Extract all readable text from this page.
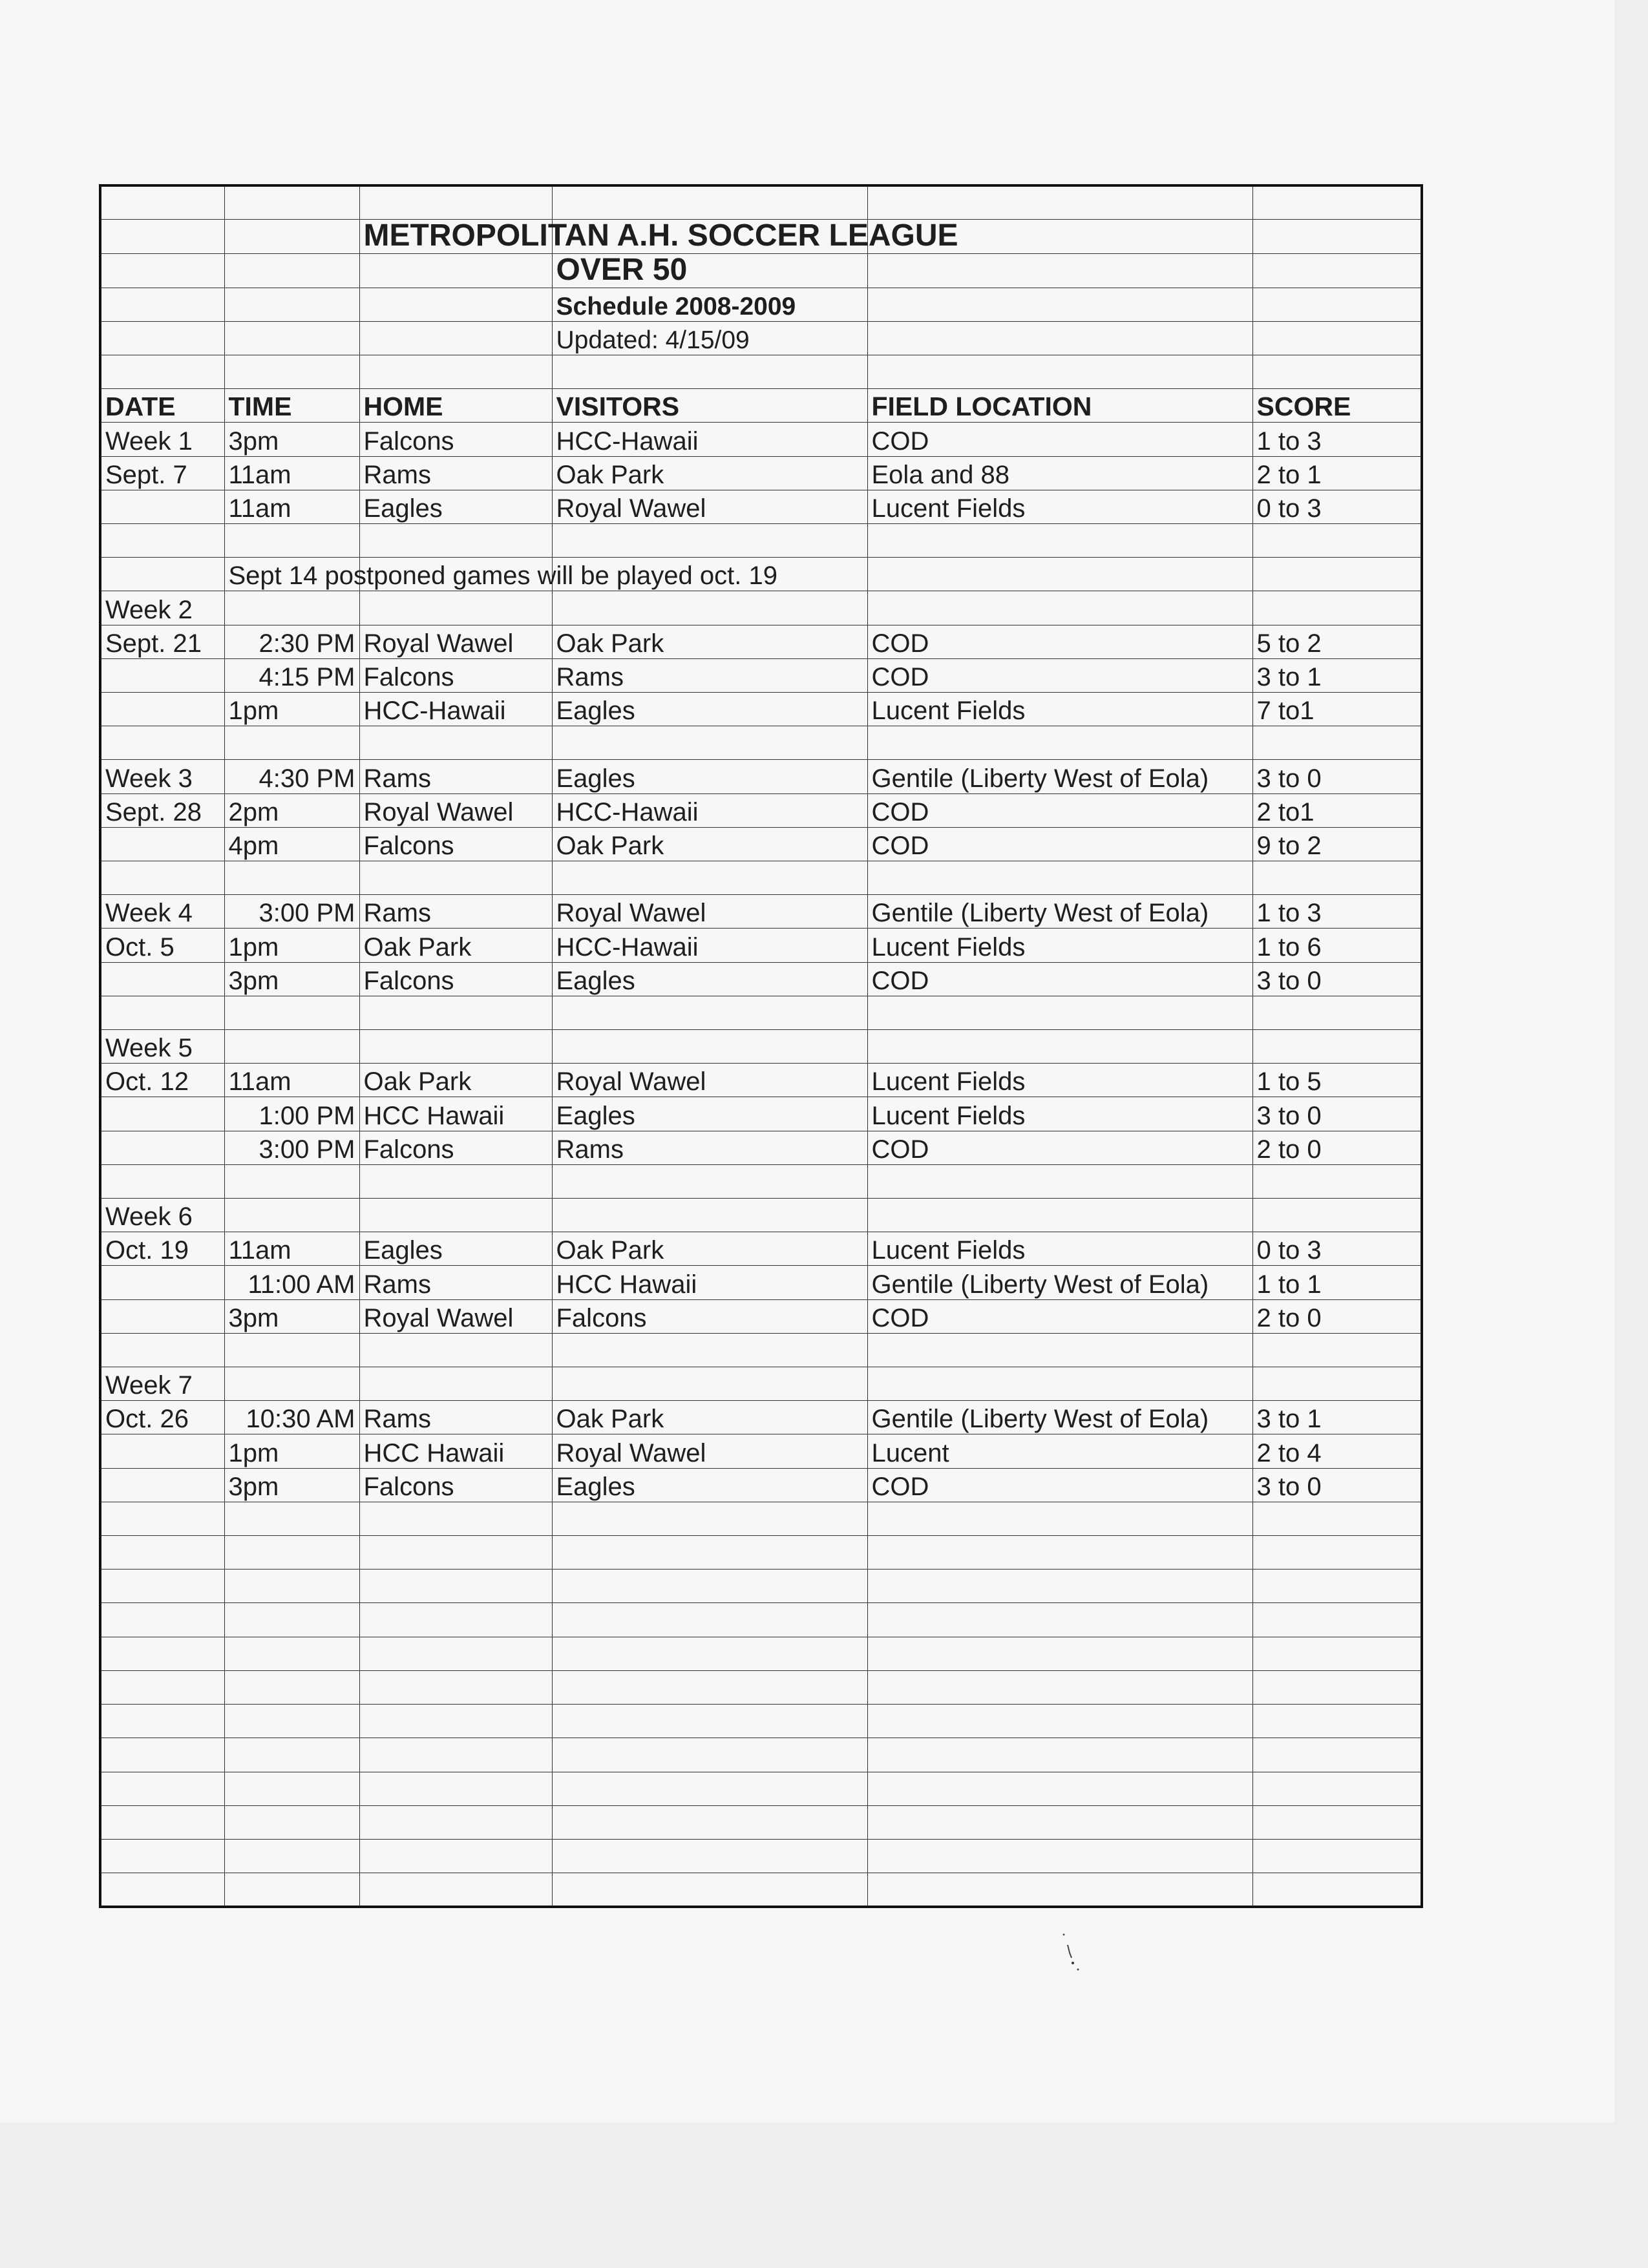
		METROPOLITAN A.H. SOCCER LEAGUE			
			OVER 50		
			Schedule 2008-2009		
			Updated: 4/15/09		

DATE	TIME	HOME	VISITORS	FIELD LOCATION	SCORE
Week 1	3pm	Falcons	HCC-Hawaii	COD	1 to 3
Sept. 7	11am	Rams	Oak Park	Eola and 88	2 to 1
	11am	Eagles	Royal Wawel	Lucent Fields	0 to 3

	Sept 14 postponed games will be played oct. 19				
Week 2					
Sept. 21	2:30 PM	Royal Wawel	Oak Park	COD	5 to 2
	4:15 PM	Falcons	Rams	COD	3 to 1
	1pm	HCC-Hawaii	Eagles	Lucent Fields	7 to1

Week 3	4:30 PM	Rams	Eagles	Gentile (Liberty West of Eola)	3 to 0
Sept. 28	2pm	Royal Wawel	HCC-Hawaii	COD	2 to1
	4pm	Falcons	Oak Park	COD	9 to 2

Week 4	3:00 PM	Rams	Royal Wawel	Gentile (Liberty West of Eola)	1 to 3
Oct. 5	1pm	Oak Park	HCC-Hawaii	Lucent Fields	1 to 6
	3pm	Falcons	Eagles	COD	3 to 0

Week 5					
Oct. 12	11am	Oak Park	Royal Wawel	Lucent Fields	1 to 5
	1:00 PM	HCC Hawaii	Eagles	Lucent Fields	3 to 0
	3:00 PM	Falcons	Rams	COD	2 to 0

Week 6					
Oct. 19	11am	Eagles	Oak Park	Lucent Fields	0 to 3
	11:00 AM	Rams	HCC Hawaii	Gentile (Liberty West of Eola)	1 to 1
	3pm	Royal Wawel	Falcons	COD	2 to 0

Week 7					
Oct. 26	10:30 AM	Rams	Oak Park	Gentile (Liberty West of Eola)	3 to 1
	1pm	HCC Hawaii	Royal Wawel	Lucent	2 to 4
	3pm	Falcons	Eagles	COD	3 to 0
